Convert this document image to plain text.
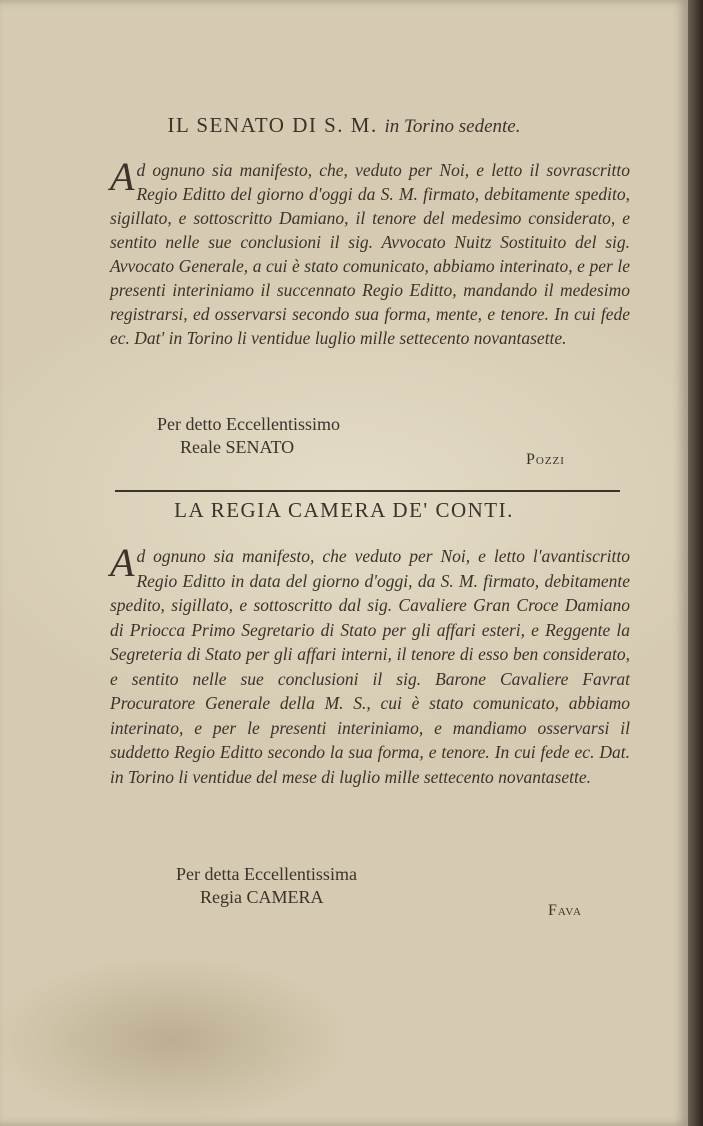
IL SENATO DI S. M. in Torino sedente.

Ad ognuno sia manifesto, che, veduto per Noi, e letto il sovrascritto Regio Editto del giorno d'oggi da S. M. firmato, debitamente spedito, sigillato, e sottoscritto Damiano, il tenore del medesimo considerato, e sentito nelle sue conclusioni il sig. Avvocato Nuitz Sostituito del sig. Avvocato Generale, a cui è stato comunicato, abbiamo interinato, e per le presenti interiniamo il succennato Regio Editto, mandando il medesimo registrarsi, ed osservarsi secondo sua forma, mente, e tenore. In cui fede ec. Dat' in Torino li ventidue luglio mille settecento novantasette.

Per detto Eccellentissimo
Reale SENATO
Pozzi
LA REGIA CAMERA DE' CONTI.

Ad ognuno sia manifesto, che veduto per Noi, e letto l'avantiscritto Regio Editto in data del giorno d'oggi, da S. M. firmato, debitamente spedito, sigillato, e sottoscritto dal sig. Cavaliere Gran Croce Damiano di Priocca Primo Segretario di Stato per gli affari esteri, e Reggente la Segreteria di Stato per gli affari interni, il tenore di esso ben considerato, e sentito nelle sue conclusioni il sig. Barone Cavaliere Favrat Procuratore Generale della M. S., cui è stato comunicato, abbiamo interinato, e per le presenti interiniamo, e mandiamo osservarsi il suddetto Regio Editto secondo la sua forma, e tenore. In cui fede ec. Dat. in Torino li ventidue del mese di luglio mille settecento novantasette.

Per detta Eccellentissima
Regia CAMERA
Fava
